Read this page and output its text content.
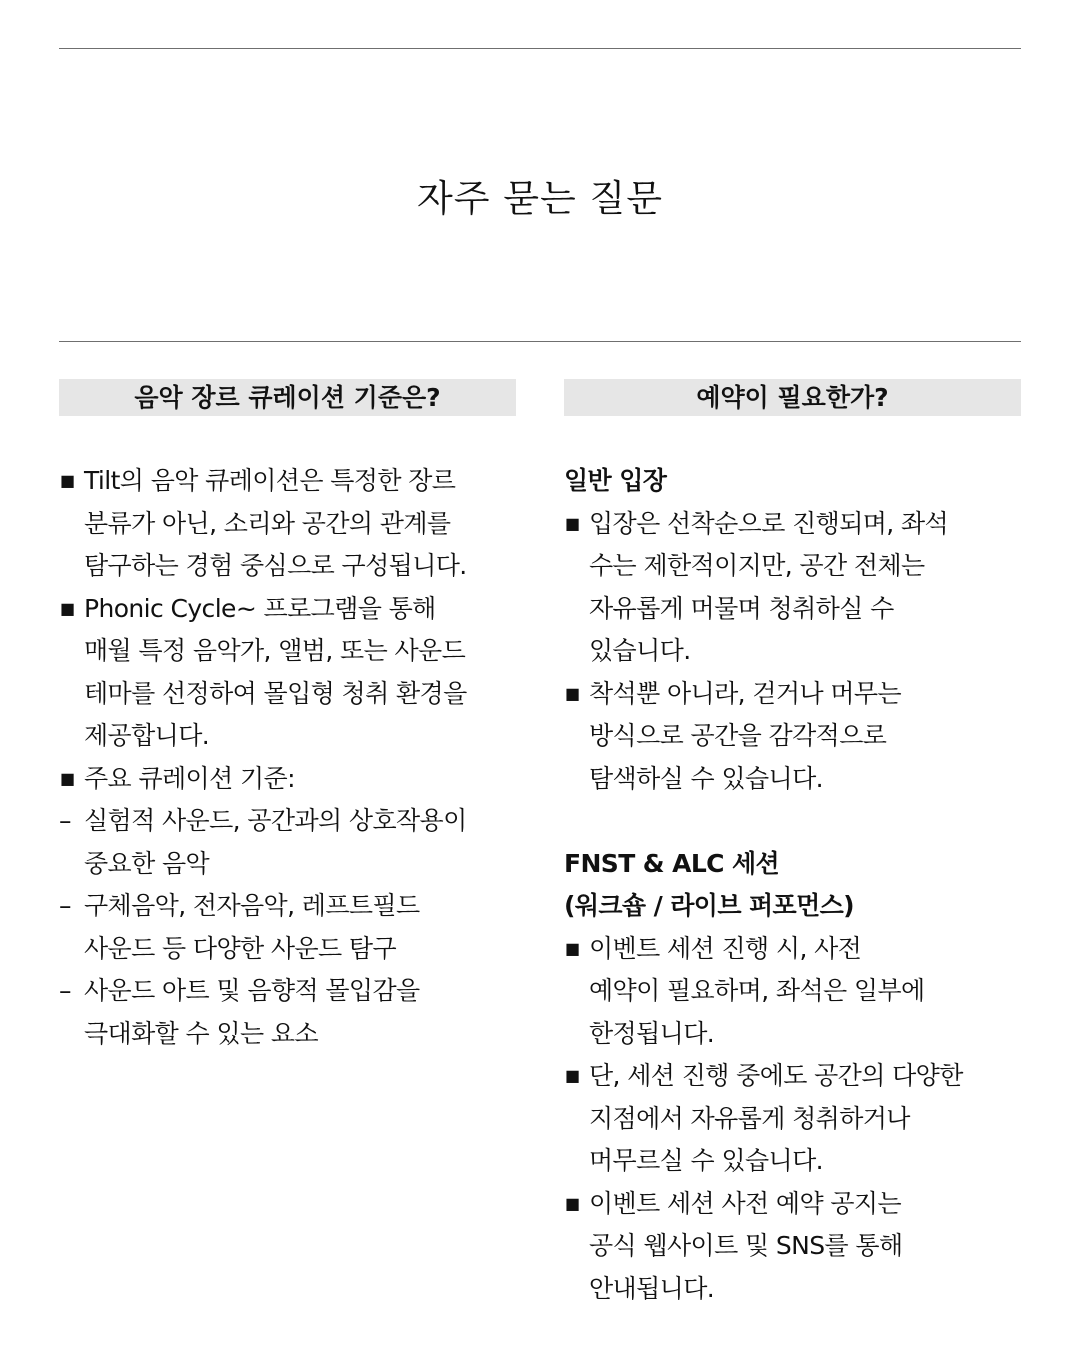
자주 묻는 질문
음악 장르 큐레이션 기준은?
■ Tilt의 음악 큐레이션은 특정한 장르
분류가 아닌, 소리와 공간의 관계를
탐구하는 경험 중심으로 구성됩니다.
■ Phonic Cycle~ 프로그램을 통해
매월 특정 음악가, 앨범, 또는 사운드
테마를 선정하여 몰입형 청취 환경을
제공합니다.
■ 주요 큐레이션 기준:
– 실험적 사운드, 공간과의 상호작용이
중요한 음악
– 구체음악, 전자음악, 레프트필드
사운드 등 다양한 사운드 탐구
– 사운드 아트 및 음향적 몰입감을
극대화할 수 있는 요소
예약이 필요한가?
일반 입장
■ 입장은 선착순으로 진행되며, 좌석
수는 제한적이지만, 공간 전체는
자유롭게 머물며 청취하실 수
있습니다.
■ 착석뿐 아니라, 걷거나 머무는
방식으로 공간을 감각적으로
탐색하실 수 있습니다.
FNST & ALC 세션
(워크숍 / 라이브 퍼포먼스)
■ 이벤트 세션 진행 시, 사전
예약이 필요하며, 좌석은 일부에
한정됩니다.
■ 단, 세션 진행 중에도 공간의 다양한
지점에서 자유롭게 청취하거나
머무르실 수 있습니다.
■ 이벤트 세션 사전 예약 공지는
공식 웹사이트 및 SNS를 통해
안내됩니다.
